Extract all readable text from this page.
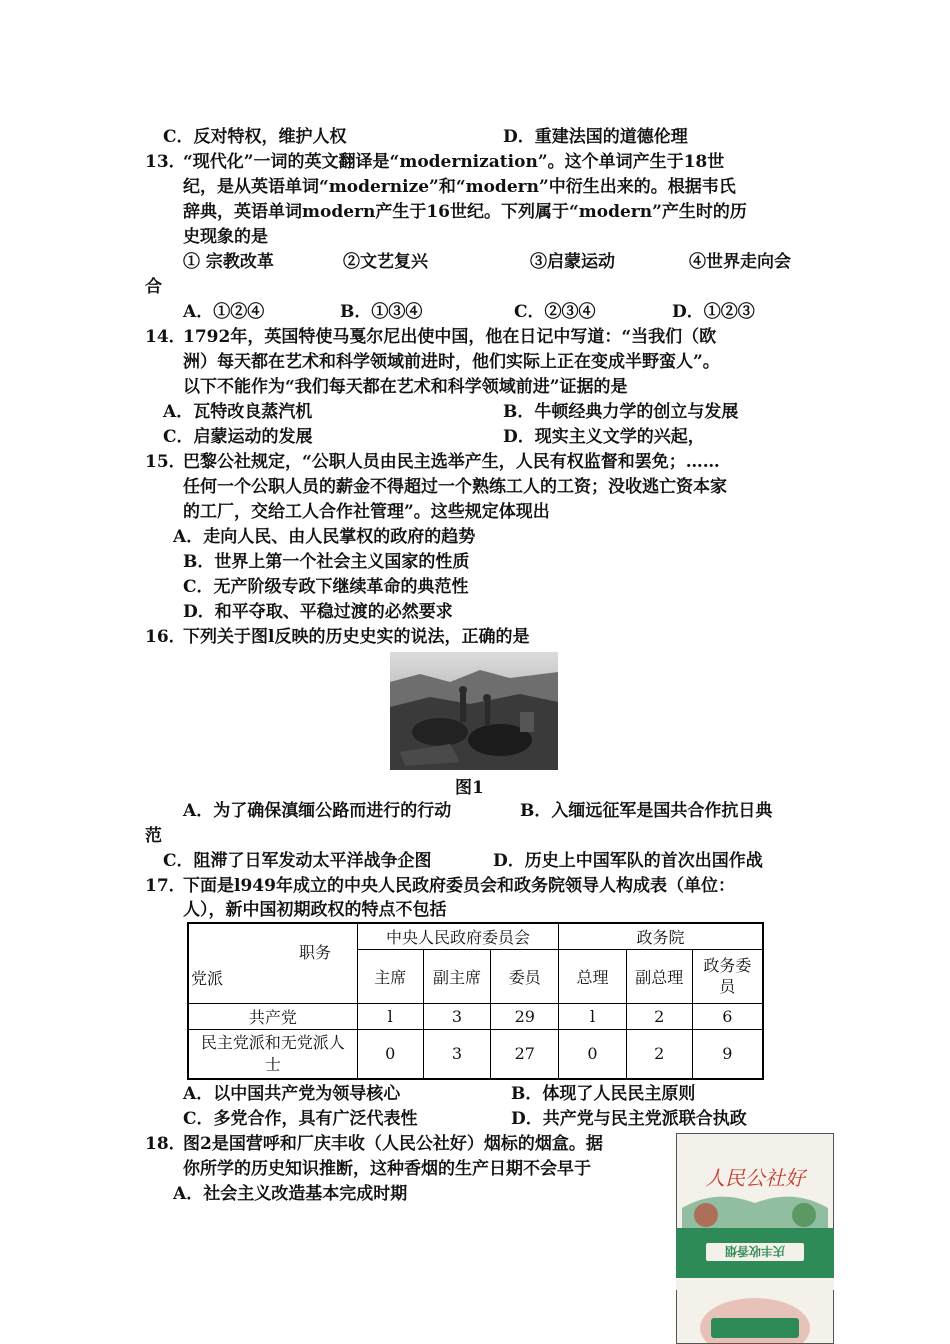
C．反对特权，维护人权	D．重建法国的道德伦理
13．
“现代化”一词的英文翻译是“modernization”。这个单词产生于18世
纪，是从英语单词“modernize”和“modern”中衍生出来的。根据韦氏
辞典，英语单词modern产生于16世纪。下列属于“modern”产生时的历
史现象的是
① 宗教改革	②文艺复兴	③启蒙运动	④世界走向会
合
A．①②④	B．①③④	C．②③④	D．①②③
14．
1792年，英国特使马戛尔尼出使中国，他在日记中写道：“当我们（欧
洲）每天都在艺术和科学领域前进时，他们实际上正在变成半野蛮人”。
以下不能作为“我们每天都在艺术和科学领域前进”证据的是
A．瓦特改良蒸汽机	B．牛顿经典力学的创立与发展
C．启蒙运动的发展	D．现实主义文学的兴起，
15．
巴黎公社规定，“公职人员由民主选举产生，人民有权监督和罢免；……
任何一个公职人员的薪金不得超过一个熟练工人的工资；没收逃亡资本家
的工厂，交给工人合作社管理”。这些规定体现出
A．走向人民、由人民掌权的政府的趋势
B．世界上第一个社会主义国家的性质
C．无产阶级专政下继续革命的典范性
D．和平夺取、平稳过渡的必然要求
16．
下列关于图l反映的历史史实的说法，正确的是
图1
A．为了确保滇缅公路而进行的行动	B．入缅远征军是国共合作抗日典
范
C．阻滞了日军发动太平洋战争企图	D．历史上中国军队的首次出国作战
17．
下面是l949年成立的中央人民政府委员会和政务院领导人构成表（单位：
人），新中国初期政权的特点不包括
职务
党派	中央人民政府委员会			政务院		
	主席	副主席	委员	总理	副总理	政务委员
共产党	l	3	29	l	2	6
民主党派和无党派人士	0	3	27	0	2	9
A．以中国共产党为领导核心	B．体现了人民民主原则
C．多党合作，具有广泛代表性	D．共产党与民主党派联合执政
18．
图2是国营呼和厂庆丰收（人民公社好）烟标的烟盒。据
你所学的历史知识推断，这种香烟的生产日期不会早于
A．社会主义改造基本完成时期
人民公社好
庆丰收香烟
